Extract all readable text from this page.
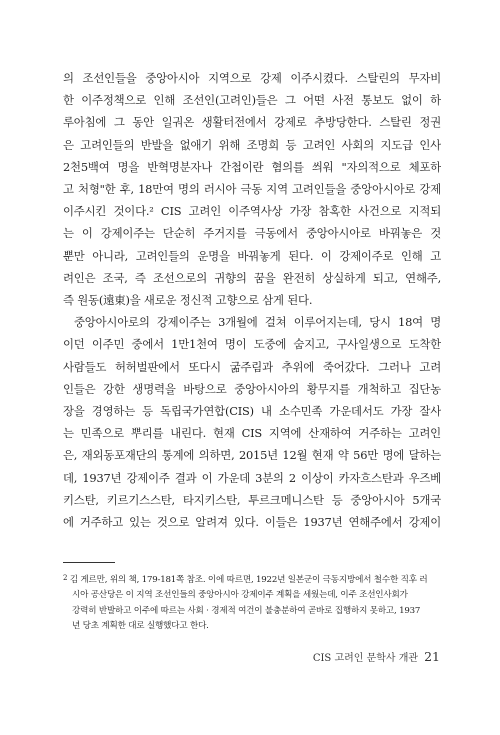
의 조선인들을 중앙아시아 지역으로 강제 이주시켰다. 스탈린의 무자비
한 이주정책으로 인해 조선인(고려인)들은 그 어떤 사전 통보도 없이 하
루아침에 그 동안 일궈온 생활터전에서 강제로 추방당한다. 스탈린 정권
은 고려인들의 반발을 없애기 위해 조명희 등 고려인 사회의 지도급 인사
2천5백여 명을 반혁명분자나 간첩이란 혐의를 씌워 "자의적으로 체포하
고 처형"한 후, 18만여 명의 러시아 극동 지역 고려인들을 중앙아시아로 강제
이주시킨 것이다.² CIS 고려인 이주역사상 가장 참혹한 사건으로 지적되
는 이 강제이주는 단순히 주거지를 극동에서 중앙아시아로 바꿔놓은 것
뿐만 아니라, 고려인들의 운명을 바꿔놓게 된다. 이 강제이주로 인해 고
려인은 조국, 즉 조선으로의 귀향의 꿈을 완전히 상실하게 되고, 연해주,
즉 원동(遠東)을 새로운 정신적 고향으로 삼게 된다.
중앙아시아로의 강제이주는 3개월에 걸쳐 이루어지는데, 당시 18여 명
이던 이주민 중에서 1만1천여 명이 도중에 숨지고, 구사일생으로 도착한
사람들도 허허벌판에서 또다시 굶주림과 추위에 죽어갔다. 그러나 고려
인들은 강한 생명력을 바탕으로 중앙아시아의 황무지를 개척하고 집단농
장을 경영하는 등 독립국가연합(CIS) 내 소수민족 가운데서도 가장 잘사
는 민족으로 뿌리를 내린다. 현재 CIS 지역에 산재하여 거주하는 고려인
은, 재외동포재단의 통계에 의하면, 2015년 12월 현재 약 56만 명에 달하는
데, 1937년 강제이주 결과 이 가운데 3분의 2 이상이 카자흐스탄과 우즈베
키스탄, 키르기스스탄, 타지키스탄, 투르크메니스탄 등 중앙아시아 5개국
에 거주하고 있는 것으로 알려져 있다. 이들은 1937년 연해주에서 강제이
$^2$ 김 게르만, 위의 책, 179-181쪽 참조. 이에 따르면, 1922년 일본군이 극동지방에서 철수한 직후 러
시아 공산당은 이 지역 조선인들의 중앙아시아 강제이주 계획을 세웠는데, 이주 조선인사회가
강력히 반발하고 이주에 따르는 사회 · 경제적 여건이 불충분하여 곧바로 집행하지 못하고, 1937
년 당초 계획한 대로 실행했다고 한다.
CIS 고려인 문학사 개관 21
